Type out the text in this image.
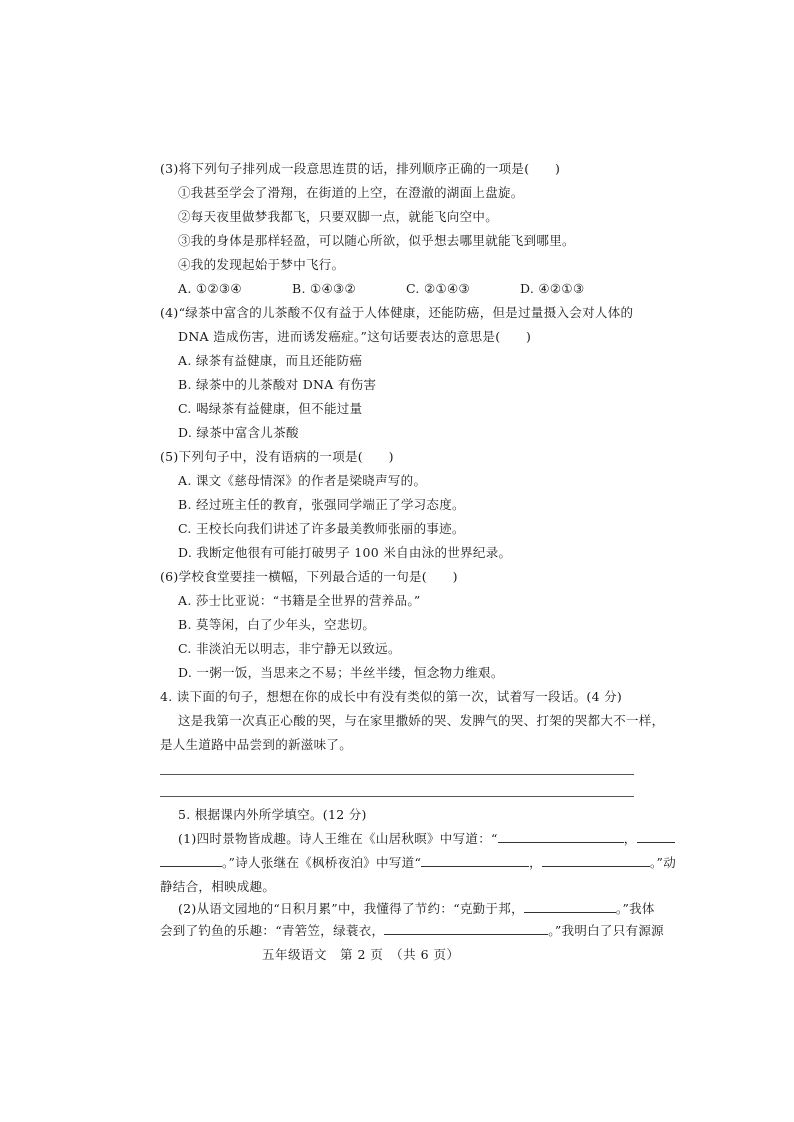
(3)将下列句子排列成一段意思连贯的话，排列顺序正确的一项是(　　)
①我甚至学会了滑翔，在街道的上空，在澄澈的湖面上盘旋。
②每天夜里做梦我都飞，只要双脚一点，就能飞向空中。
③我的身体是那样轻盈，可以随心所欲，似乎想去哪里就能飞到哪里。
④我的发现起始于梦中飞行。
A. ①②③④	B. ①④③②	C. ②①④③	D. ④②①③
(4)“绿茶中富含的儿茶酸不仅有益于人体健康，还能防癌，但是过量摄入会对人体的
DNA 造成伤害，进而诱发癌症。”这句话要表达的意思是(　　)
A. 绿茶有益健康，而且还能防癌
B. 绿茶中的儿茶酸对 DNA 有伤害
C. 喝绿茶有益健康，但不能过量
D. 绿茶中富含儿茶酸
(5)下列句子中，没有语病的一项是(　　)
A. 课文《慈母情深》的作者是梁晓声写的。
B. 经过班主任的教育，张强同学端正了学习态度。
C. 王校长向我们讲述了许多最美教师张丽的事迹。
D. 我断定他很有可能打破男子 100 米自由泳的世界纪录。
(6)学校食堂要挂一横幅，下列最合适的一句是(　　)
A. 莎士比亚说：“书籍是全世界的营养品。”
B. 莫等闲，白了少年头，空悲切。
C. 非淡泊无以明志，非宁静无以致远。
D. 一粥一饭，当思来之不易；半丝半缕，恒念物力维艰。
4. 读下面的句子，想想在你的成长中有没有类似的第一次，试着写一段话。(4 分)
这是我第一次真正心酸的哭，与在家里撒娇的哭、发脾气的哭、打架的哭都大不一样，
是人生道路中品尝到的新滋味了。
5. 根据课内外所学填空。(12 分)
(1)四时景物皆成趣。诗人王维在《山居秋暝》中写道：“	，
。”诗人张继在《枫桥夜泊》中写道“	，	。”动
静结合，相映成趣。
(2)从语文园地的“日积月累”中，我懂得了节约：“克勤于邦，	。”我体
会到了钓鱼的乐趣：“青箬笠，绿蓑衣，	。”我明白了只有源源
五年级语文　第 2 页　（共 6 页）
